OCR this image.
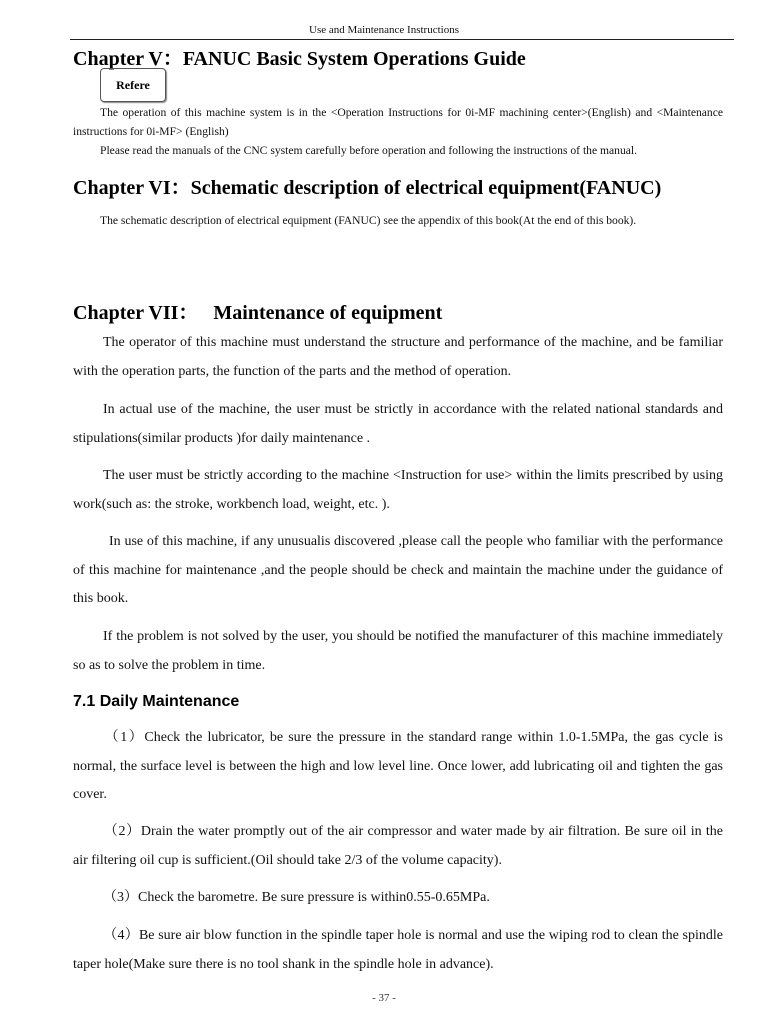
Use and Maintenance Instructions
Chapter V：FANUC Basic System Operations Guide
Refere
The operation of this machine system is in the <Operation Instructions for 0i-MF machining center>(English) and <Maintenance instructions for 0i-MF> (English)
Please read the manuals of the CNC system carefully before operation and following the instructions of the manual.
Chapter VI：Schematic description of electrical equipment(FANUC)
The schematic description of electrical equipment (FANUC) see the appendix of this book(At the end of this book).
Chapter VII：   Maintenance of equipment
The operator of this machine must understand the structure and performance of the machine, and be familiar with the operation parts, the function of the parts and the method of operation.
In actual use of the machine, the user must be strictly in accordance with the related national standards and stipulations(similar products )for daily maintenance .
The user must be strictly according to the machine <Instruction for use> within the limits prescribed by using work(such as: the stroke, workbench load, weight, etc. ).
In use of this machine, if any unusualis discovered ,please call the people who familiar with the performance of this machine for maintenance ,and the people should be check and maintain the machine under the guidance of this book.
If the problem is not solved by the user, you should be notified the manufacturer of this machine immediately so as to solve the problem in time.
7.1 Daily Maintenance
（1）Check the lubricator, be sure the pressure in the standard range within 1.0-1.5MPa, the gas cycle is normal, the surface level is between the high and low level line. Once lower, add lubricating oil and tighten the gas cover.
（2）Drain the water promptly out of the air compressor and water made by air filtration. Be sure oil in the air filtering oil cup is sufficient.(Oil should take 2/3 of the volume capacity).
（3）Check the barometre. Be sure pressure is within0.55-0.65MPa.
（4）Be sure air blow function in the spindle taper hole is normal and use the wiping rod to clean the spindle taper hole(Make sure there is no tool shank in the spindle hole in advance).
- 37 -
